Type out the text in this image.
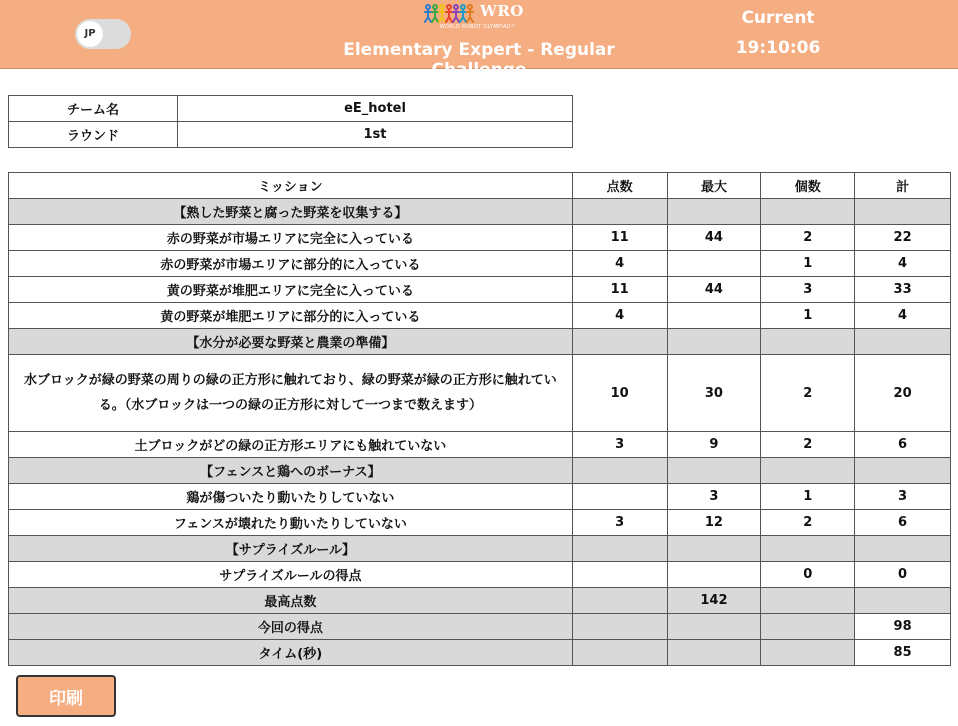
JP
WRO
WORLD ROBOT OLYMPIAD™
Elementary Expert - Regular Challenge
Current
19:10:06
チーム名	eE_hotel
ラウンド	1st
ミッション	点数	最大	個数	計
【熟した野菜と腐った野菜を収集する】				
赤の野菜が市場エリアに完全に入っている	11	44	2	22
赤の野菜が市場エリアに部分的に入っている	4		1	4
黄の野菜が堆肥エリアに完全に入っている	11	44	3	33
黄の野菜が堆肥エリアに部分的に入っている	4		1	4
【水分が必要な野菜と農業の準備】				

水ブロックが緑の野菜の周りの緑の正方形に触れており、緑の野菜が緑の正方形に触れている。（水ブロックは一つの緑の正方形に対して一つまで数えます）	10	30	2	20
土ブロックがどの緑の正方形エリアにも触れていない	3	9	2	6
【フェンスと鶏へのボーナス】				
鶏が傷ついたり動いたりしていない		3	1	3
フェンスが壊れたり動いたりしていない	3	12	2	6
【サプライズルール】				
サプライズルールの得点			0	0
最高点数		142		
今回の得点				98
タイム(秒)				85
印刷
